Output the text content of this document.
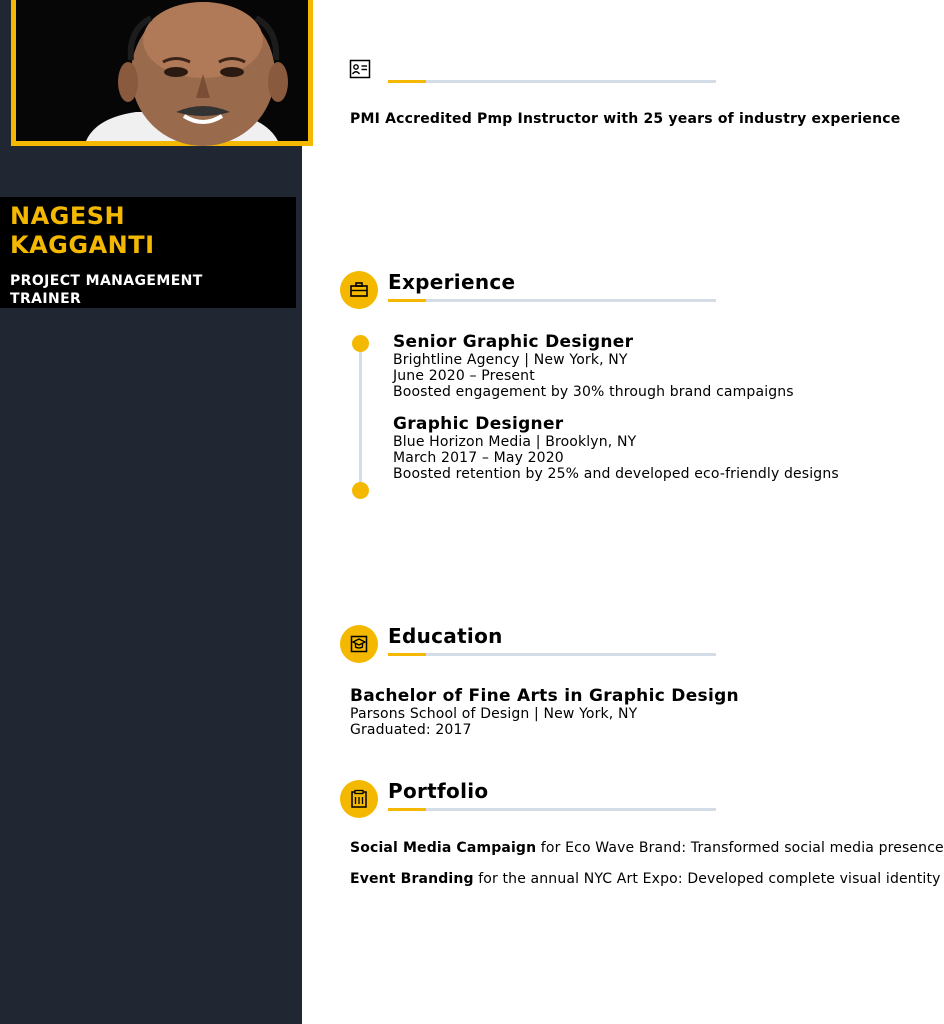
NAGESH KAGGANTI
PROJECT MANAGEMENT TRAINER
PMI Accredited Pmp Instructor with 25 years of industry experience
Experience
Senior Graphic Designer
Brightline Agency | New York, NY
June 2020 – Present
Boosted engagement by 30% through brand campaigns
Graphic Designer
Blue Horizon Media | Brooklyn, NY
March 2017 – May 2020
Boosted retention by 25% and developed eco-friendly designs
Education
Bachelor of Fine Arts in Graphic Design
Parsons School of Design | New York, NY
Graduated: 2017
Portfolio
Social Media Campaign for Eco Wave Brand: Transformed social media presence
Event Branding for the annual NYC Art Expo: Developed complete visual identity
